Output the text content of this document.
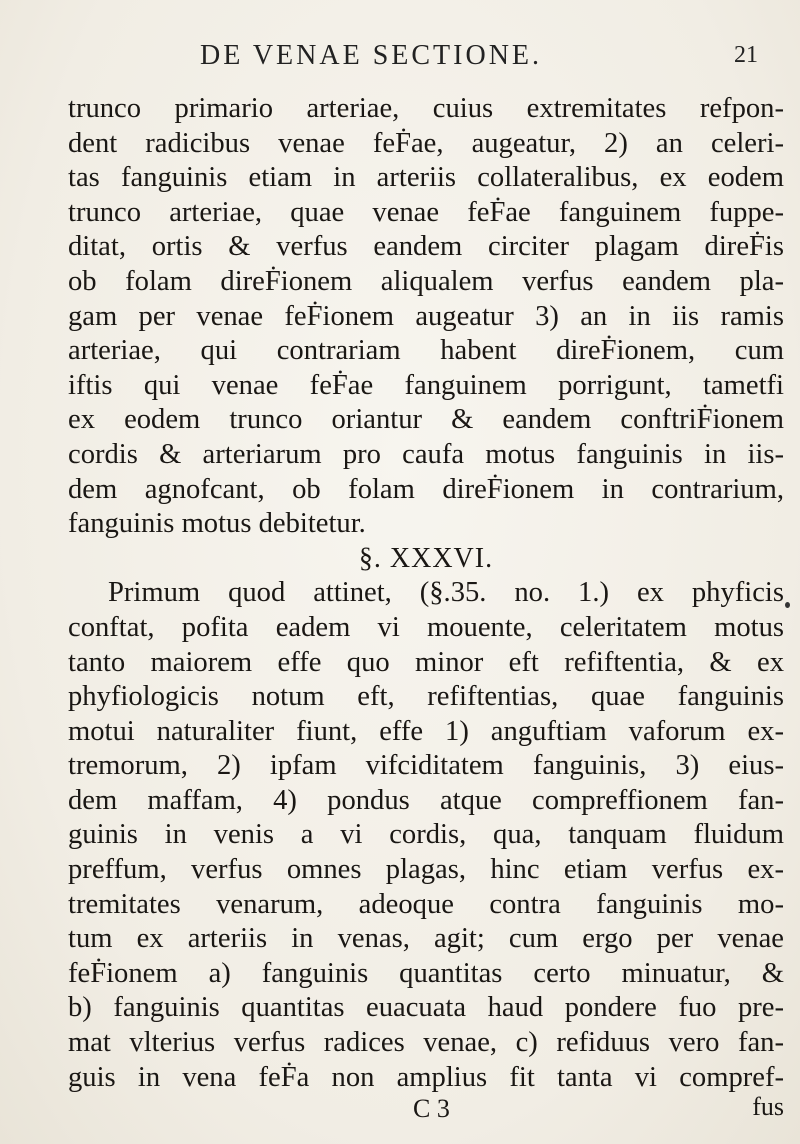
DE VENAE SECTIONE.	21
trunco primario arteriae, cuius extremitates refpon-
dent radicibus venae feḞae, augeatur, 2) an celeri-
tas fanguinis etiam in arteriis collateralibus, ex eodem
trunco arteriae, quae venae feḞae fanguinem fuppe-
ditat, ortis & verfus eandem circiter plagam direḞis
ob folam direḞionem aliqualem verfus eandem pla-
gam per venae feḞionem augeatur 3) an in iis ramis
arteriae, qui contrariam habent direḞionem, cum
iftis qui venae feḞae fanguinem porrigunt, tametfi
ex eodem trunco oriantur & eandem conftriḞionem
cordis & arteriarum pro caufa motus fanguinis in iis-
dem agnofcant, ob folam direḞionem in contrarium,
fanguinis motus debitetur.
§. XXXVI.
Primum quod attinet, (§.35. no. 1.) ex phyficis
conftat, pofita eadem vi mouente, celeritatem motus
tanto maiorem effe quo minor eft refiftentia, & ex
phyfiologicis notum eft, refiftentias, quae fanguinis
motui naturaliter fiunt, effe 1) anguftiam vaforum ex-
tremorum, 2) ipfam vifciditatem fanguinis, 3) eius-
dem maffam, 4) pondus atque compreffionem fan-
guinis in venis a vi cordis, qua, tanquam fluidum
preffum, verfus omnes plagas, hinc etiam verfus ex-
tremitates venarum, adeoque contra fanguinis mo-
tum ex arteriis in venas, agit; cum ergo per venae
feḞionem a) fanguinis quantitas certo minuatur, &
b) fanguinis quantitas euacuata haud pondere fuo pre-
mat vlterius verfus radices venae, c) refiduus vero fan-
guis in vena feḞa non amplius fit tanta vi compref-
C 3	fus
